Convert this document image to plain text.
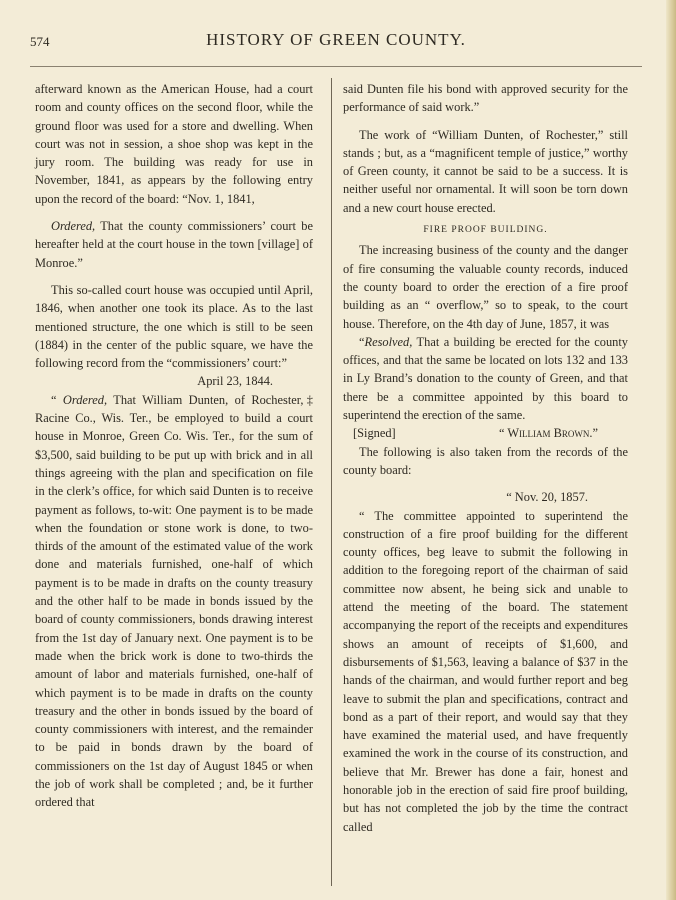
574	HISTORY OF GREEN COUNTY.

afterward known as the American House, had a court room and county offices on the second floor, while the ground floor was used for a store and dwelling. When court was not in session, a shoe shop was kept in the jury room. The building was ready for use in November, 1841, as appears by the following entry upon the record of the board: “Nov. 1, 1841,

Ordered, That the county commissioners’ court be hereafter held at the court house in the town [village] of Monroe.”

This so-called court house was occupied until April, 1846, when another one took its place. As to the last mentioned structure, the one which is still to be seen (1884) in the center of the public square, we have the following record from the “commissioners’ court:”

April 23, 1844.

“ Ordered, That William Dunten, of Rochester,‡ Racine Co., Wis. Ter., be employed to build a court house in Monroe, Green Co. Wis. Ter., for the sum of $3,500, said building to be put up with brick and in all things agreeing with the plan and specification on file in the clerk’s office, for which said Dunten is to receive payment as follows, to-wit: One payment is to be made when the foundation or stone work is done, to two-thirds of the amount of the estimated value of the work done and materials furnished, one-half of which payment is to be made in drafts on the county treasury and the other half to be made in bonds issued by the board of county commissioners, bonds drawing interest from the 1st day of January next. One payment is to be made when the brick work is done to two-thirds the amount of labor and materials furnished, one-half of which payment is to be made in drafts on the county treasury and the other in bonds issued by the board of county commissioners with interest, and the remainder to be paid in bonds drawn by the board of commissioners on the 1st day of August 1845 or when the job of work shall be completed ; and, be it further ordered that

said Dunten file his bond with approved security for the performance of said work.”

The work of “William Dunten, of Rochester,” still stands ; but, as a “magnificent temple of justice,” worthy of Green county, it cannot be said to be a success. It is neither useful nor ornamental. It will soon be torn down and a new court house erected.

FIRE PROOF BUILDING.

The increasing business of the county and the danger of fire consuming the valuable county records, induced the county board to order the erection of a fire proof building as an “ overflow,” so to speak, to the court house. Therefore, on the 4th day of June, 1857, it was

“Resolved, That a building be erected for the county offices, and that the same be located on lots 132 and 133 in Ly Brand’s donation to the county of Green, and that there be a committee appointed by this board to superintend the erection of the same.

[Signed]	“ William Brown.”

The following is also taken from the records of the county board:

“ Nov. 20, 1857.

“ The committee appointed to superintend the construction of a fire proof building for the different county offices, beg leave to submit the following in addition to the foregoing report of the chairman of said committee now absent, he being sick and unable to attend the meeting of the board. The statement accompanying the report of the receipts and expenditures shows an amount of receipts of $1,600, and disbursements of $1,563, leaving a balance of $37 in the hands of the chairman, and would further report and beg leave to submit the plan and specifications, contract and bond as a part of their report, and would say that they have examined the material used, and have frequently examined the work in the course of its construction, and believe that Mr. Brewer has done a fair, honest and honorable job in the erection of said fire proof building, but has not completed the job by the time the contract called
